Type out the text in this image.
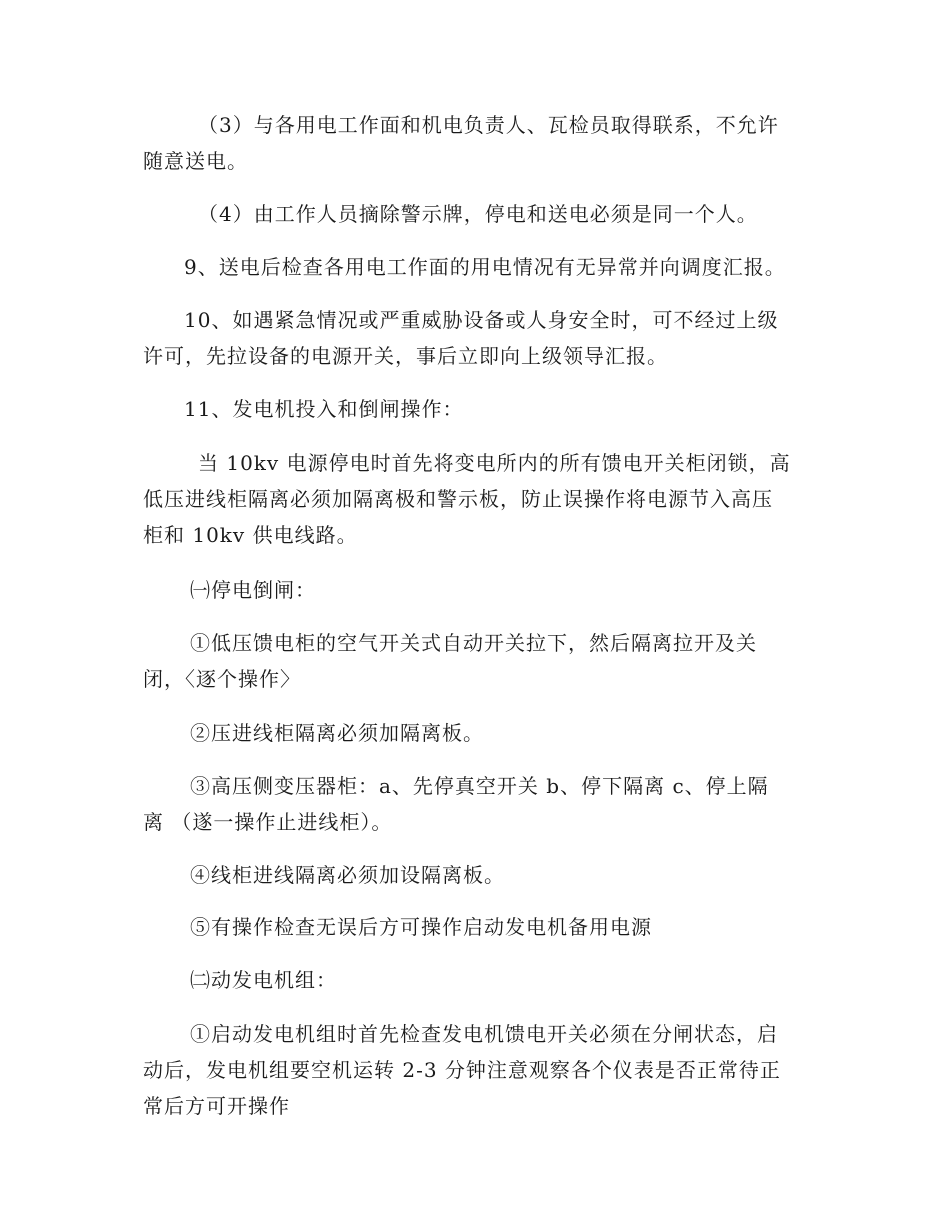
（3）与各用电工作面和机电负责人、瓦检员取得联系，不允许
随意送电。

（4）由工作人员摘除警示牌，停电和送电必须是同一个人。

9、送电后检查各用电工作面的用电情况有无异常并向调度汇报。

10、如遇紧急情况或严重威胁设备或人身安全时，可不经过上级
许可，先拉设备的电源开关，事后立即向上级领导汇报。

11、发电机投入和倒闸操作：

当 10kv 电源停电时首先将变电所内的所有馈电开关柜闭锁，高
低压进线柜隔离必须加隔离极和警示板，防止误操作将电源节入高压
柜和 10kv 供电线路。

㈠停电倒闸：

①低压馈电柜的空气开关式自动开关拉下，然后隔离拉开及关
闭，〈逐个操作〉

②压进线柜隔离必须加隔离板。

③高压侧变压器柜：a、先停真空开关 b、停下隔离 c、停上隔
离 （遂一操作止进线柜）。

④线柜进线隔离必须加设隔离板。

⑤有操作检查无误后方可操作启动发电机备用电源

㈡动发电机组：

①启动发电机组时首先检查发电机馈电开关必须在分闸状态，启
动后，发电机组要空机运转 2-3 分钟注意观察各个仪表是否正常待正
常后方可开操作
